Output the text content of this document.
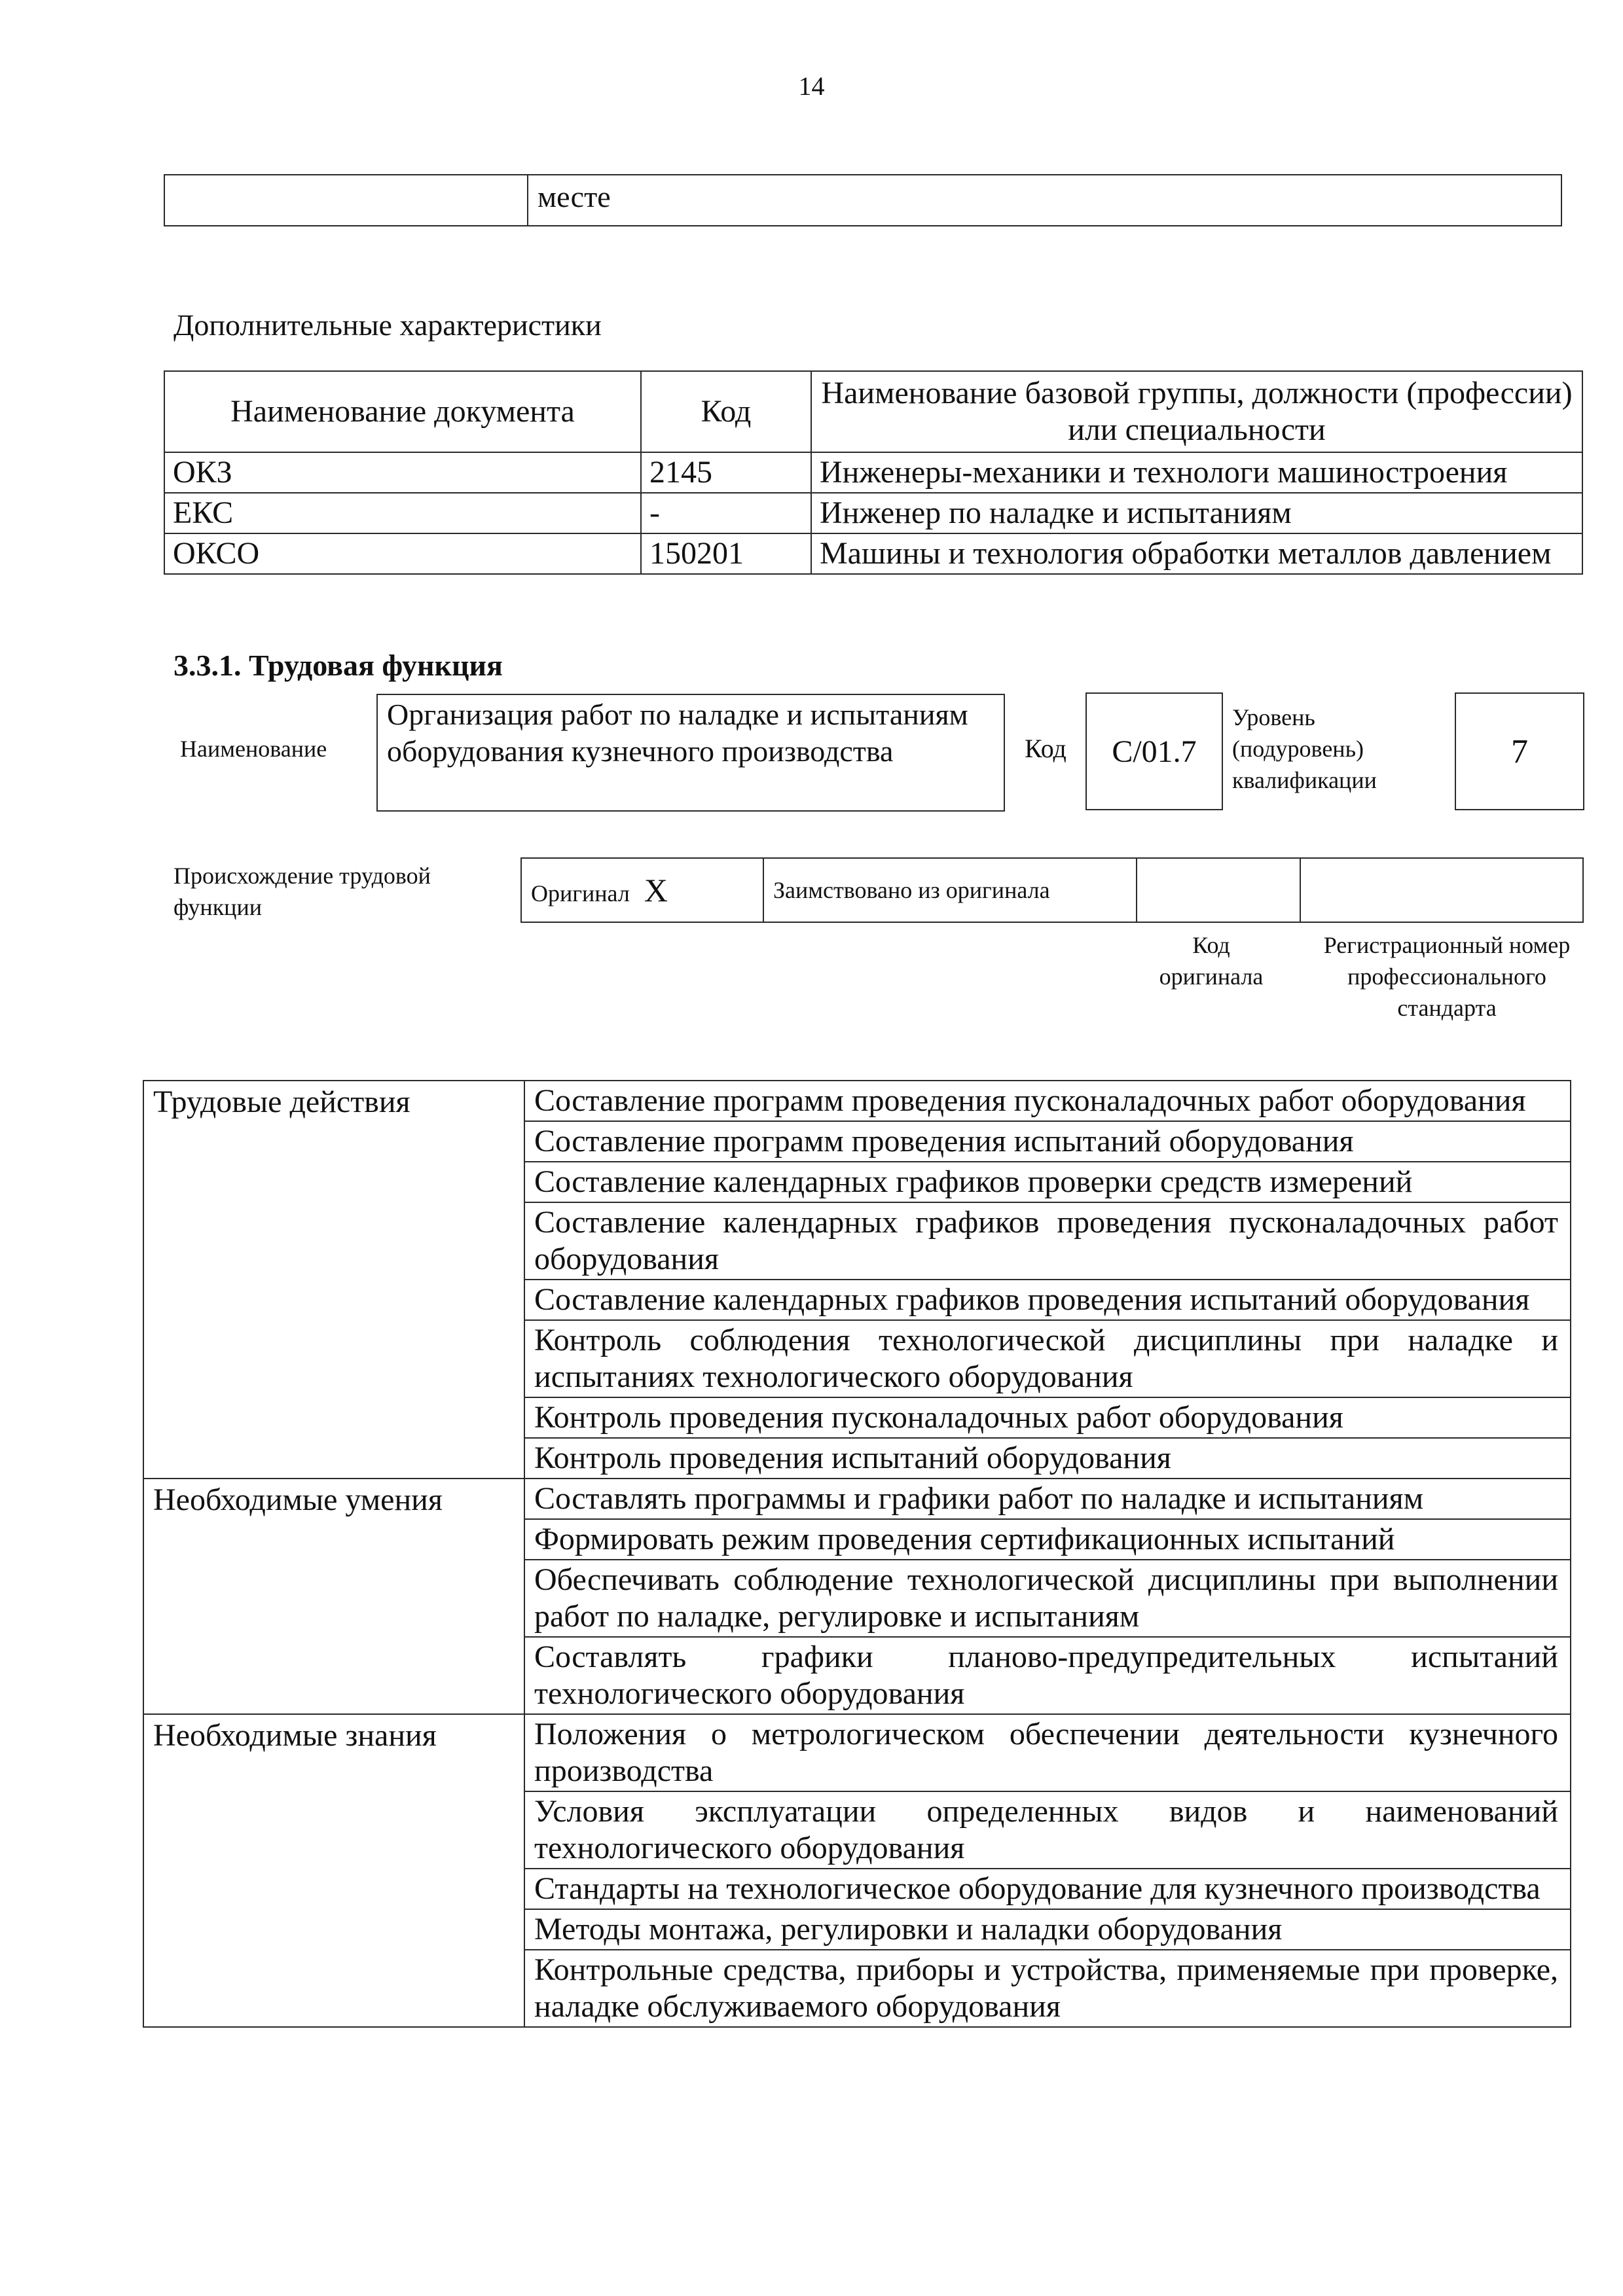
14
	месте
Дополнительные характеристики
Наименование документа	Код	Наименование базовой группы, должности (профессии) или специальности
ОКЗ	2145	Инженеры-механики и технологи машиностроения
ЕКС	-	Инженер по наладке и испытаниям
ОКСО	150201	Машины и технология обработки металлов давлением
3.3.1. Трудовая функция
Наименование
Организация работ по наладке и испытаниям оборудования кузнечного производства	Код	С/01.7
Уровень (подуровень) квалификации
7
Происхождение трудовой функции
Оригинал X	Заимствовано из оригинала		
Код оригинала
Регистрационный номер профессионального стандарта
Трудовые действия	Составление программ проведения пусконаладочных работ оборудования
	Составление программ проведения испытаний оборудования
	Составление календарных графиков проверки средств измерений
	Составление календарных графиков проведения пусконаладочных работ оборудования
	Составление календарных графиков проведения испытаний оборудования
	Контроль соблюдения технологической дисциплины при наладке и испытаниях технологического оборудования
	Контроль проведения пусконаладочных работ оборудования
	Контроль проведения испытаний оборудования
Необходимые умения	Составлять программы и графики работ по наладке и испытаниям
	Формировать режим проведения сертификационных испытаний
	Обеспечивать соблюдение технологической дисциплины при выполнении работ по наладке, регулировке и испытаниям
	Составлять графики планово-предупредительных испытаний технологического оборудования
Необходимые знания	Положения о метрологическом обеспечении деятельности кузнечного производства
	Условия эксплуатации определенных видов и наименований технологического оборудования
	Стандарты на технологическое оборудование для кузнечного производства
	Методы монтажа, регулировки и наладки оборудования
	Контрольные средства, приборы и устройства, применяемые при проверке, наладке обслуживаемого оборудования
